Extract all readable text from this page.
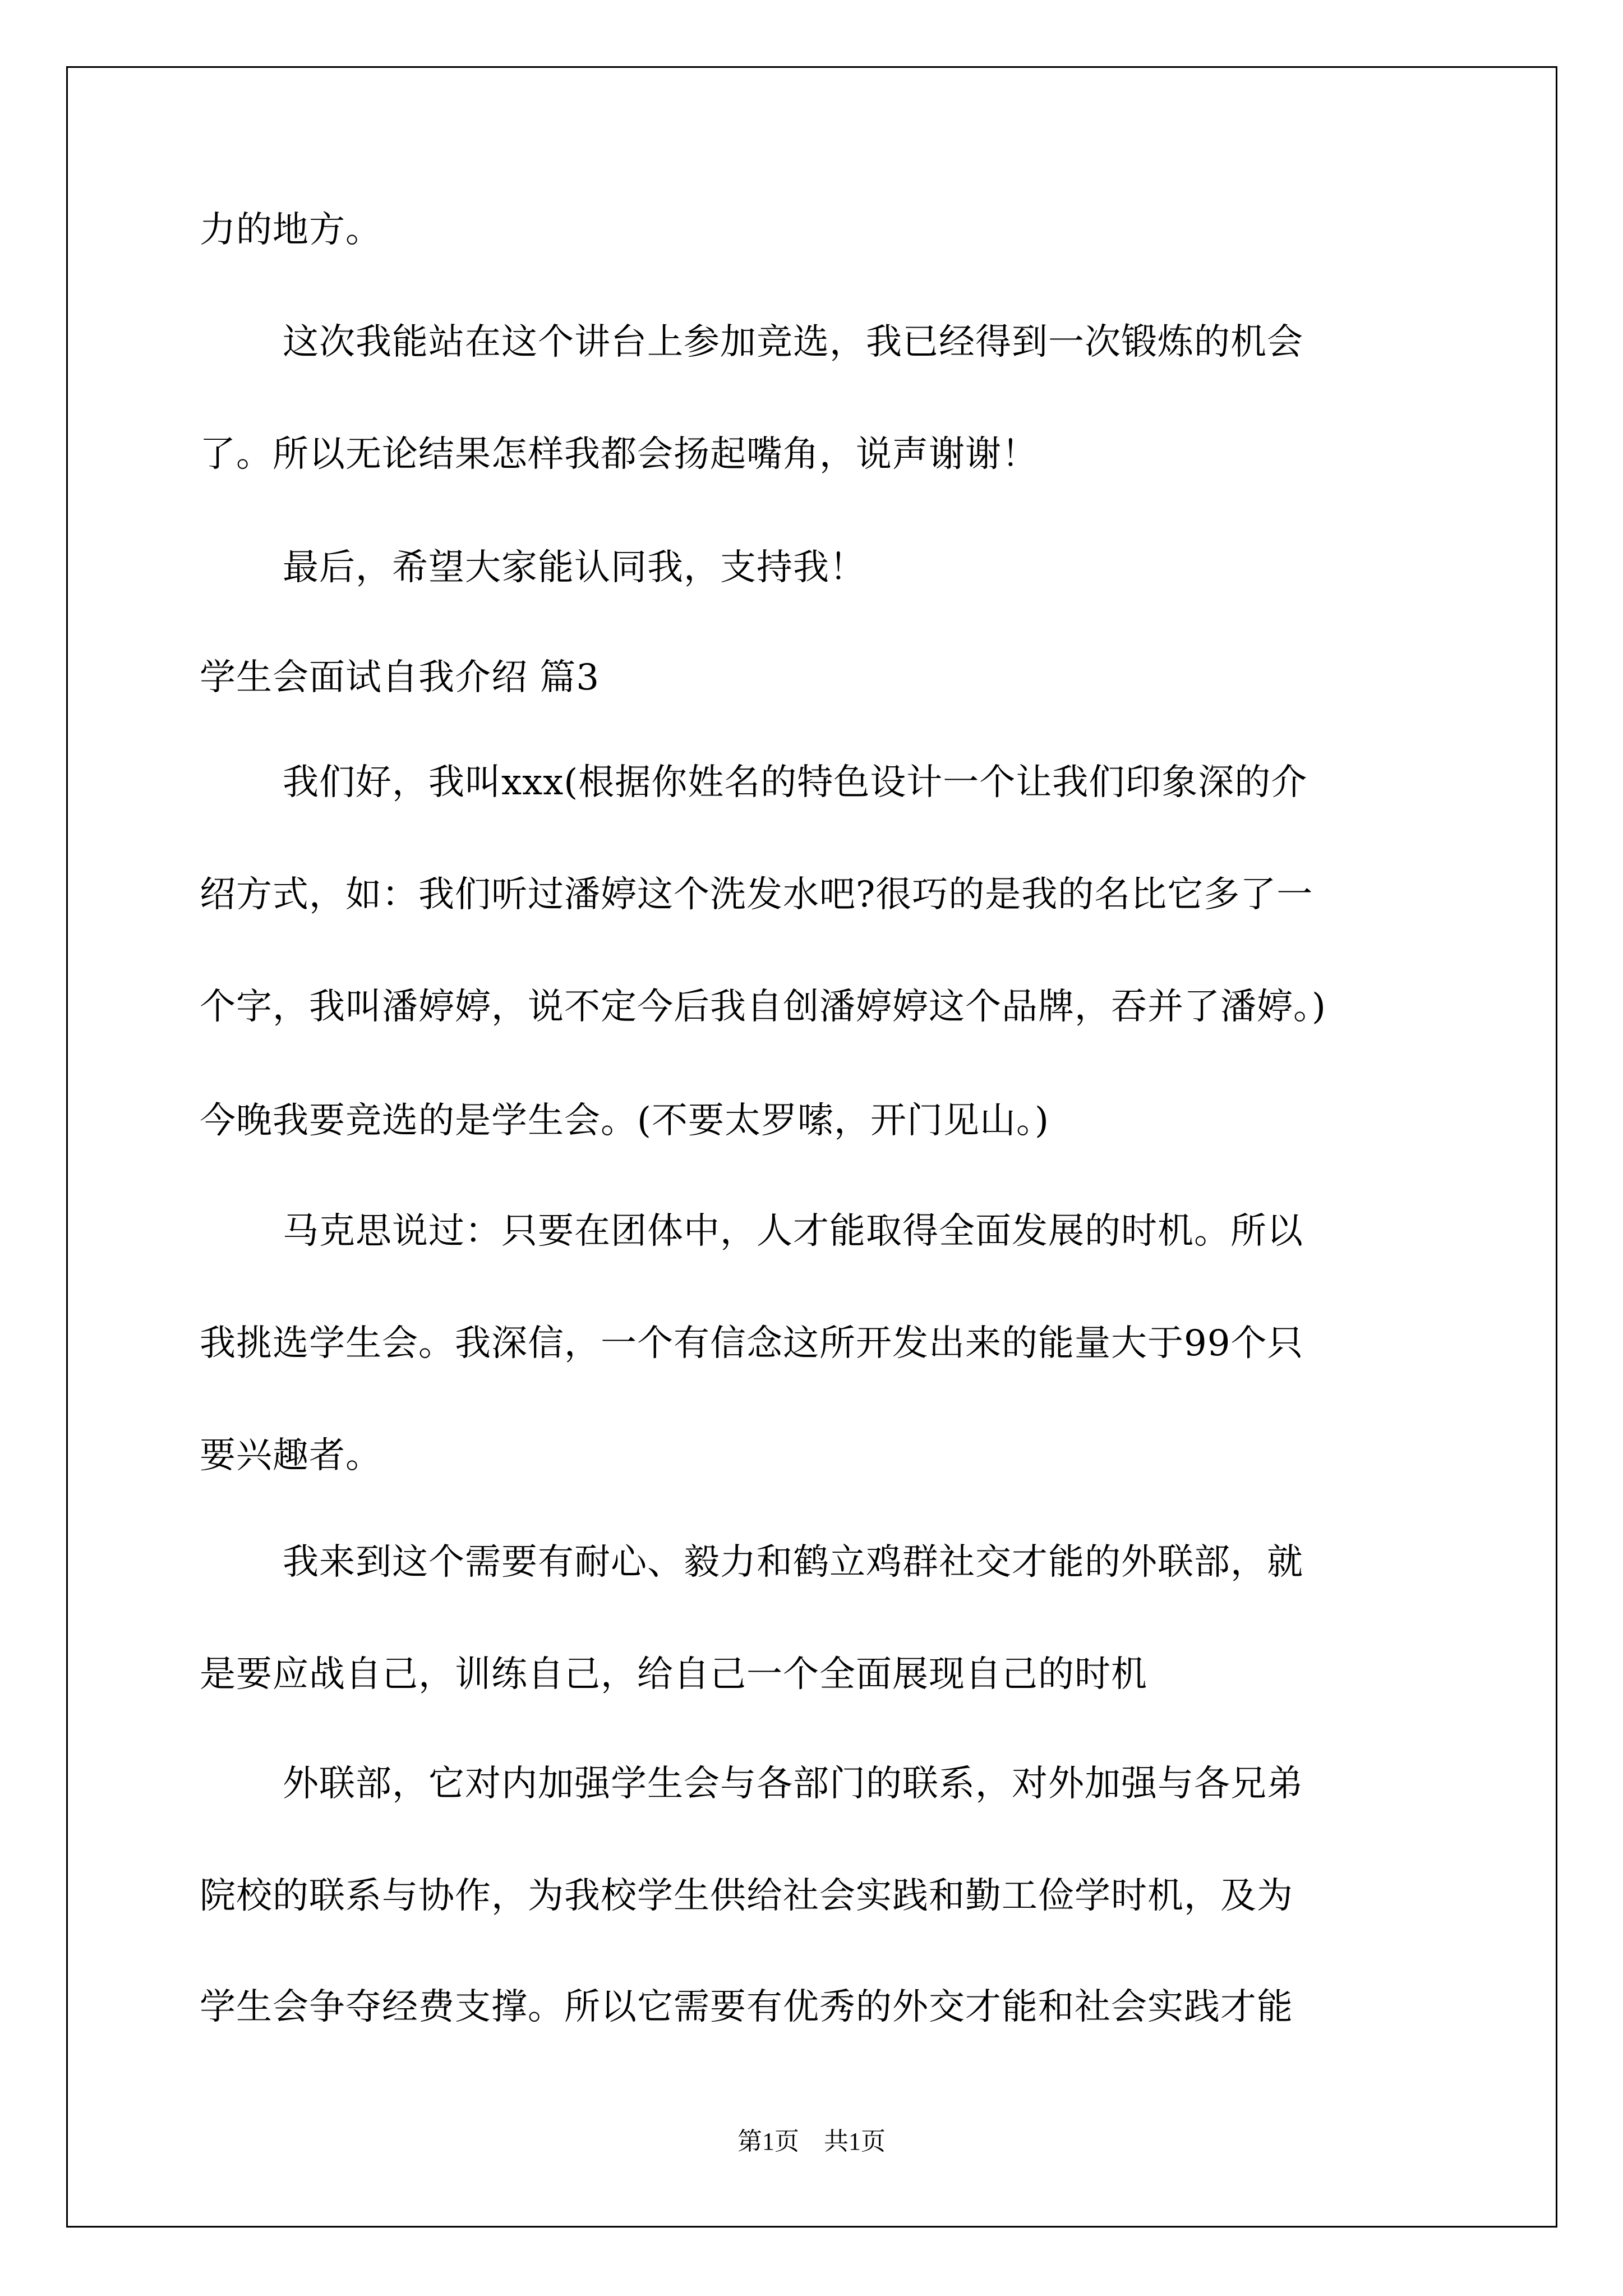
力的地方。
这次我能站在这个讲台上参加竞选，我已经得到一次锻炼的机会
了。所以无论结果怎样我都会扬起嘴角，说声谢谢！
最后，希望大家能认同我，支持我！
学生会面试自我介绍 篇3
我们好，我叫xxx(根据你姓名的特色设计一个让我们印象深的介
绍方式，如：我们听过潘婷这个洗发水吧?很巧的是我的名比它多了一
个字，我叫潘婷婷，说不定今后我自创潘婷婷这个品牌，吞并了潘婷。)
今晚我要竞选的是学生会。(不要太罗嗦，开门见山。)
马克思说过：只要在团体中，人才能取得全面发展的时机。所以
我挑选学生会。我深信，一个有信念这所开发出来的能量大于99个只
要兴趣者。
我来到这个需要有耐心、毅力和鹤立鸡群社交才能的外联部，就
是要应战自己，训练自己，给自己一个全面展现自己的时机
外联部，它对内加强学生会与各部门的联系，对外加强与各兄弟
院校的联系与协作，为我校学生供给社会实践和勤工俭学时机，及为
学生会争夺经费支撑。所以它需要有优秀的外交才能和社会实践才能
第1页　共1页
